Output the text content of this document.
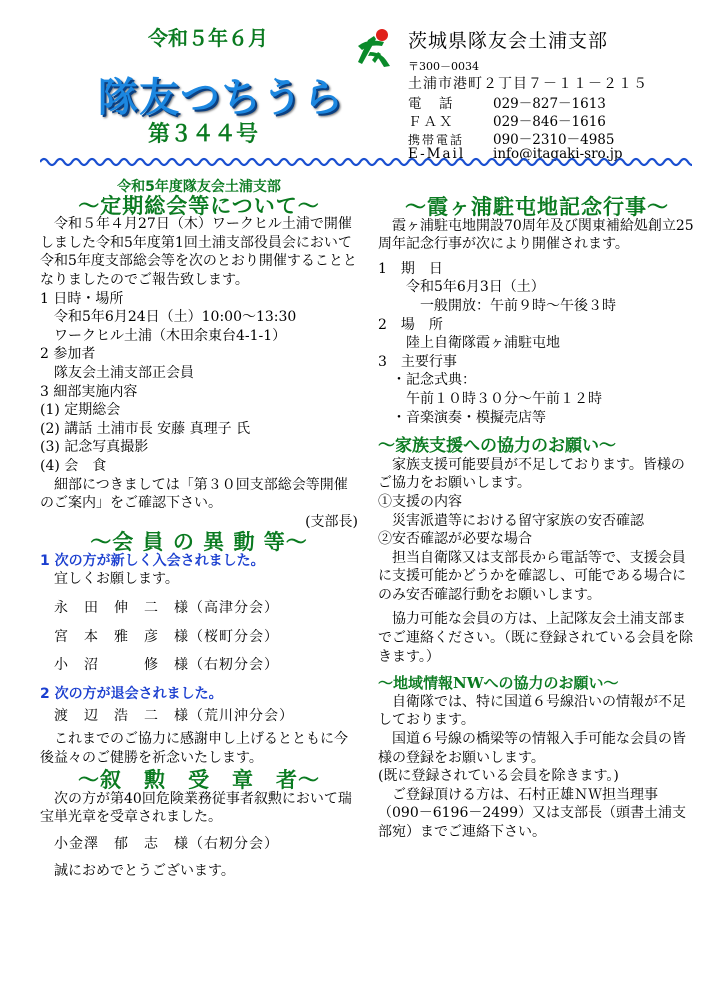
令和５年６月
隊友つちうら
第３４４号
茨城県隊友会土浦支部
〒300－0034
土浦市港町２丁目７－１１－２１５
電　話	029－827－1613
ＦＡＸ	029－846－1616
携帯電話 090－2310－4985
E-Mail info@itagaki-sro.jp

令和5年度隊友会土浦支部

～定期総会等について～

令和５年４月27日（木）ワークヒル土浦で開催しました令和5年度第1回土浦支部役員会において令和5年度支部総会等を次のとおり開催することとなりましたのでご報告致します。

1 日時・場所

令和5年6月24日（土）10:00～13:30

ワークヒル土浦（木田余東台4-1-1）

2 参加者

隊友会土浦支部正会員

3 細部実施内容

(1) 定期総会

(2) 講話 土浦市長 安藤 真理子 氏

(3) 記念写真撮影

(4) 会　食

細部につきましては「第３０回支部総会等開催のご案内」をご確認下さい。

(支部長)

～会 員 の 異 動 等～

1 次の方が新しく入会されました。

宜しくお願します。

永　田　伸　二　様（高津分会）

宮　本　雅　彦　様（桜町分会）

小　沼　　　修　様（右籾分会）

2 次の方が退会されました。

渡　辺　浩　二　様（荒川沖分会）

これまでのご協力に感謝申し上げるとともに今後益々のご健勝を祈念いたします。

～叙　勲　受　章　者～

次の方が第40回危険業務従事者叙勲において瑞宝単光章を受章されました。

小金澤　郁　志　様（右籾分会）

誠におめでとうございます。

～霞ヶ浦駐屯地記念行事～

霞ヶ浦駐屯地開設70周年及び関東補給処創立25周年記念行事が次により開催されます。

1　期　日

令和5年6月3日（土）

一般開放：午前９時～午後３時

2　場　所

陸上自衛隊霞ヶ浦駐屯地

3　主要行事

・記念式典：

午前１０時３０分～午前１２時

・音楽演奏・模擬売店等

～家族支援への協力のお願い～

家族支援可能要員が不足しております。皆様のご協力をお願いします。

①支援の内容

災害派遣等における留守家族の安否確認

②安否確認が必要な場合

担当自衛隊又は支部長から電話等で、支援会員に支援可能かどうかを確認し、可能である場合にのみ安否確認行動をお願いします。

協力可能な会員の方は、上記隊友会土浦支部までご連絡ください。（既に登録されている会員を除きます。）

～地域情報NWへの協力のお願い～

自衛隊では、特に国道６号線沿いの情報が不足しております。

国道６号線の橋梁等の情報入手可能な会員の皆様の登録をお願いします。

(既に登録されている会員を除きます。)

ご登録頂ける方は、石村正雄ＮＷ担当理事（090－6196－2499）又は支部長（頭書土浦支部宛）までご連絡下さい。
